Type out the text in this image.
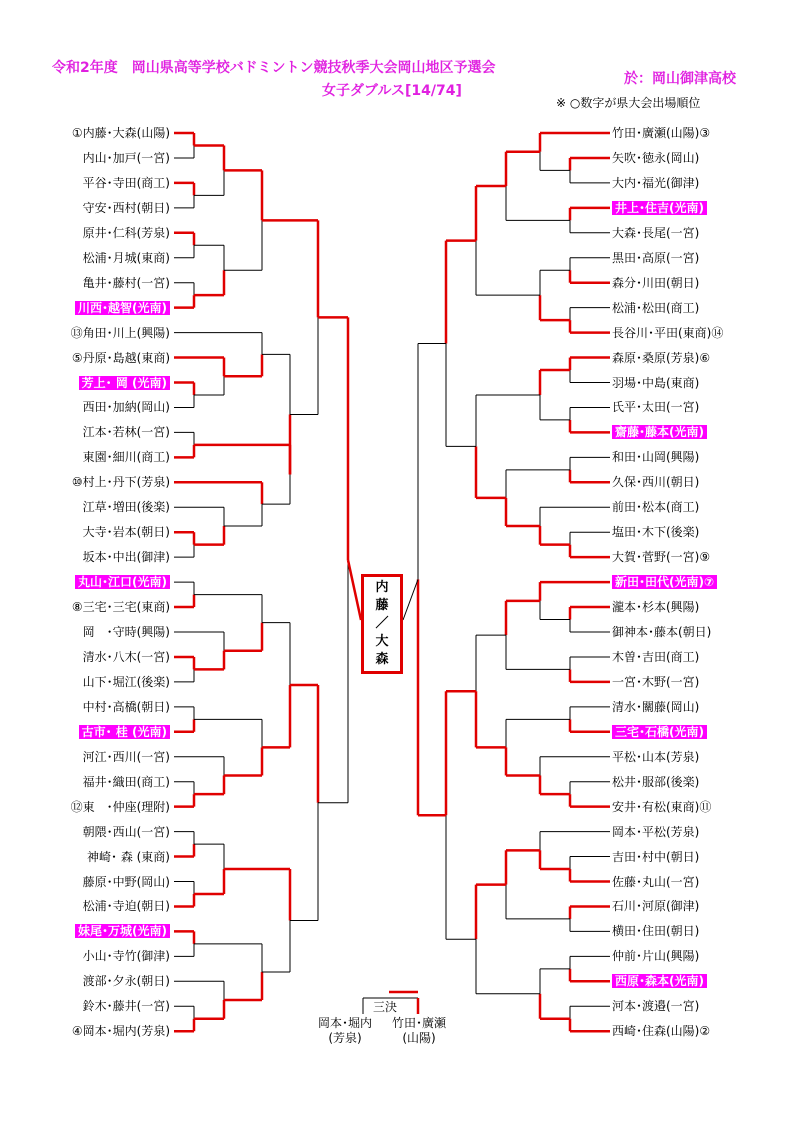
令和2年度　岡山県高等学校バドミントン競技秋季大会岡山地区予選会
女子ダブルス[14/74]
於：岡山御津高校
※ ○数字が県大会出場順位
①内藤･大森(山陽)
内山･加戸(一宮)
平谷･寺田(商工)
守安･西村(朝日)
原井･仁科(芳泉)
松浦･月城(東商)
亀井･藤村(一宮)
川西･越智(光南)
⑬角田･川上(興陽)
⑤丹原･島越(東商)
芳上･ 岡 (光南)
西田･加納(岡山)
江本･若林(一宮)
東園･細川(商工)
⑩村上･丹下(芳泉)
江草･増田(後楽)
大寺･岩本(朝日)
坂本･中出(御津)
丸山･江口(光南)
⑧三宅･三宅(東商)
岡　･守時(興陽)
清水･八木(一宮)
山下･堀江(後楽)
中村･高橋(朝日)
古市･ 桂 (光南)
河江･西川(一宮)
福井･織田(商工)
⑫東　･仲座(理附)
朝隈･西山(一宮)
神崎･ 森 (東商)
藤原･中野(岡山)
松浦･寺迫(朝日)
妹尾･万城(光南)
小山･寺竹(御津)
渡部･夕永(朝日)
鈴木･藤井(一宮)
④岡本･堀内(芳泉)
竹田･廣瀬(山陽)③
矢吹･徳永(岡山)
大内･福光(御津)
井上･住吉(光南)
大森･長尾(一宮)
黒田･高原(一宮)
森分･川田(朝日)
松浦･松田(商工)
長谷川･平田(東商)⑭
森原･桑原(芳泉)⑥
羽場･中島(東商)
氏平･太田(一宮)
齋藤･藤本(光南)
和田･山岡(興陽)
久保･西川(朝日)
前田･松本(商工)
塩田･木下(後楽)
大賀･菅野(一宮)⑨
新田･田代(光南)⑦
瀧本･杉本(興陽)
御神本･藤本(朝日)
木曽･吉田(商工)
一宮･木野(一宮)
清水･關藤(岡山)
三宅･石橋(光南)
平松･山本(芳泉)
松井･服部(後楽)
安井･有松(東商)⑪
岡本･平松(芳泉)
吉田･村中(朝日)
佐藤･丸山(一宮)
石川･河原(御津)
横田･住田(朝日)
仲前･片山(興陽)
西原･森本(光南)
河本･渡邉(一宮)
西崎･住森(山陽)②
内
藤
／
大
森
三決
岡本･堀内
(芳泉)
竹田･廣瀬
(山陽)
